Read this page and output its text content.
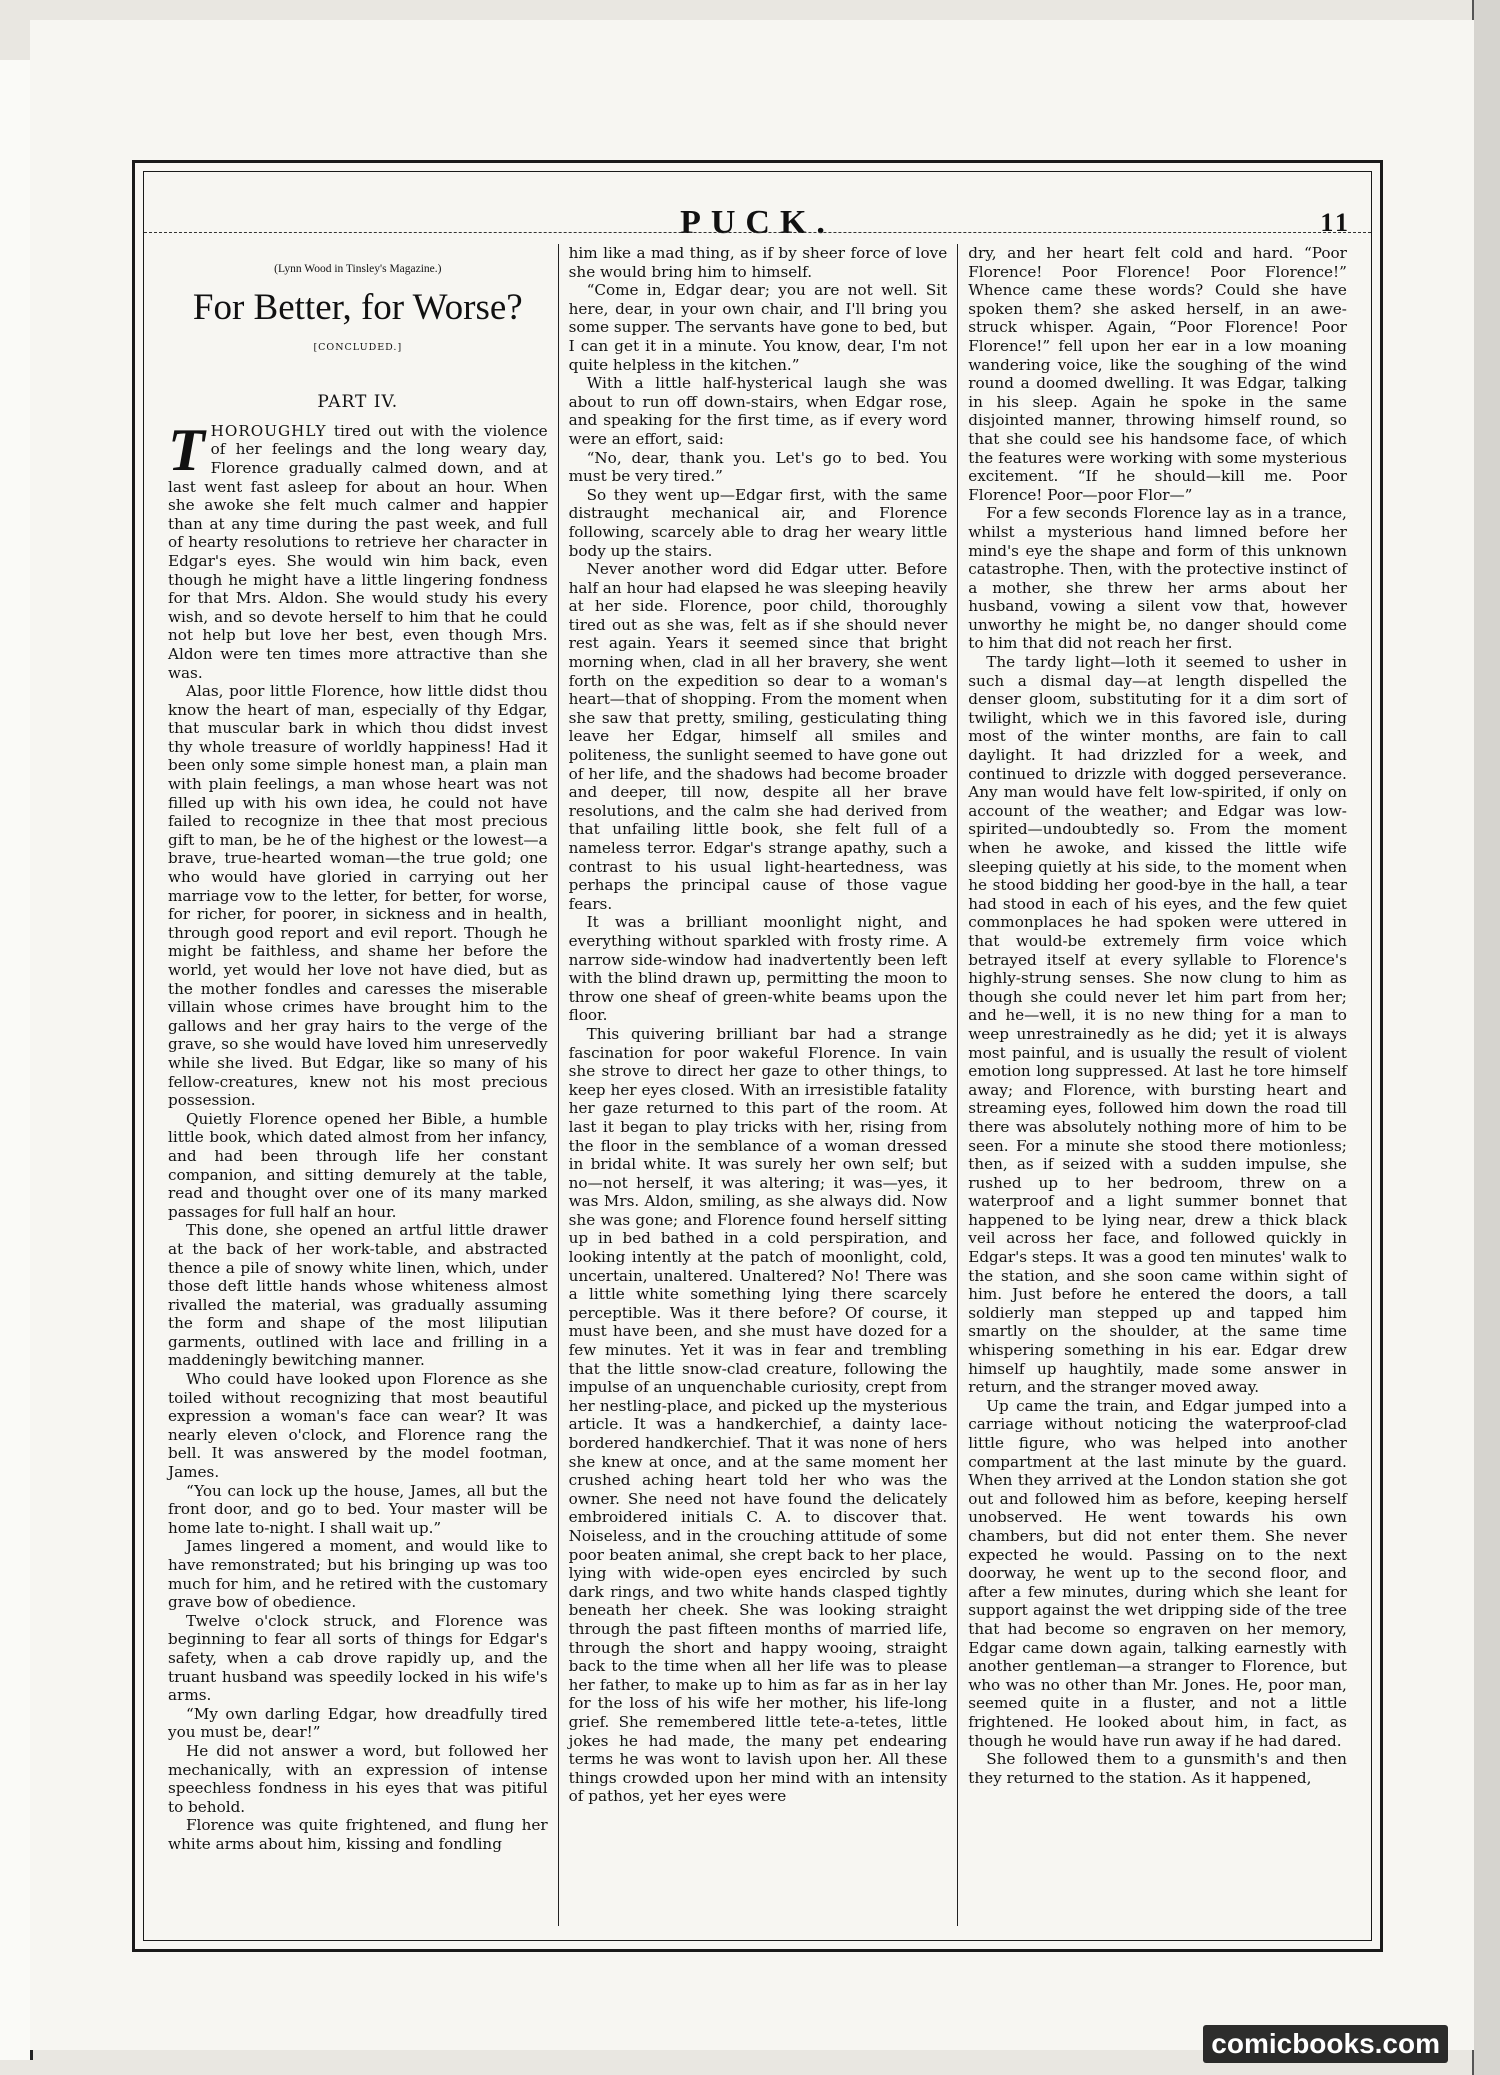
PUCK.	11
(Lynn Wood in Tinsley's Magazine.)
For Better, for Worse?
[CONCLUDED.]
PART IV.

THOROUGHLY tired out with the violence of her feelings and the long weary day, Florence gradually calmed down, and at last went fast asleep for about an hour. When she awoke she felt much calmer and happier than at any time during the past week, and full of hearty resolutions to retrieve her character in Edgar's eyes. She would win him back, even though he might have a little lingering fondness for that Mrs. Aldon. She would study his every wish, and so devote herself to him that he could not help but love her best, even though Mrs. Aldon were ten times more attractive than she was.

Alas, poor little Florence, how little didst thou know the heart of man, especially of thy Edgar, that muscular bark in which thou didst invest thy whole treasure of worldly happiness! Had it been only some simple honest man, a plain man with plain feelings, a man whose heart was not filled up with his own idea, he could not have failed to recognize in thee that most precious gift to man, be he of the highest or the lowest—a brave, true-hearted woman—the true gold; one who would have gloried in carrying out her marriage vow to the letter, for better, for worse, for richer, for poorer, in sickness and in health, through good report and evil report. Though he might be faithless, and shame her before the world, yet would her love not have died, but as the mother fondles and caresses the miserable villain whose crimes have brought him to the gallows and her gray hairs to the verge of the grave, so she would have loved him unreservedly while she lived. But Edgar, like so many of his fellow-creatures, knew not his most precious possession.

Quietly Florence opened her Bible, a humble little book, which dated almost from her infancy, and had been through life her constant companion, and sitting demurely at the table, read and thought over one of its many marked passages for full half an hour.

This done, she opened an artful little drawer at the back of her work-table, and abstracted thence a pile of snowy white linen, which, under those deft little hands whose whiteness almost rivalled the material, was gradually assuming the form and shape of the most liliputian garments, outlined with lace and frilling in a maddeningly bewitching manner.

Who could have looked upon Florence as she toiled without recognizing that most beautiful expression a woman's face can wear? It was nearly eleven o'clock, and Florence rang the bell. It was answered by the model footman, James.

“You can lock up the house, James, all but the front door, and go to bed. Your master will be home late to-night. I shall wait up.”

James lingered a moment, and would like to have remonstrated; but his bringing up was too much for him, and he retired with the customary grave bow of obedience.

Twelve o'clock struck, and Florence was beginning to fear all sorts of things for Edgar's safety, when a cab drove rapidly up, and the truant husband was speedily locked in his wife's arms.

“My own darling Edgar, how dreadfully tired you must be, dear!”

He did not answer a word, but followed her mechanically, with an expression of intense speechless fondness in his eyes that was pitiful to behold.

Florence was quite frightened, and flung her white arms about him, kissing and fondling

him like a mad thing, as if by sheer force of love she would bring him to himself.

“Come in, Edgar dear; you are not well. Sit here, dear, in your own chair, and I'll bring you some supper. The servants have gone to bed, but I can get it in a minute. You know, dear, I'm not quite helpless in the kitchen.”

With a little half-hysterical laugh she was about to run off down-stairs, when Edgar rose, and speaking for the first time, as if every word were an effort, said:

“No, dear, thank you. Let's go to bed. You must be very tired.”

So they went up—Edgar first, with the same distraught mechanical air, and Florence following, scarcely able to drag her weary little body up the stairs.

Never another word did Edgar utter. Before half an hour had elapsed he was sleeping heavily at her side. Florence, poor child, thoroughly tired out as she was, felt as if she should never rest again. Years it seemed since that bright morning when, clad in all her bravery, she went forth on the expedition so dear to a woman's heart—that of shopping. From the moment when she saw that pretty, smiling, gesticulating thing leave her Edgar, himself all smiles and politeness, the sunlight seemed to have gone out of her life, and the shadows had become broader and deeper, till now, despite all her brave resolutions, and the calm she had derived from that unfailing little book, she felt full of a nameless terror. Edgar's strange apathy, such a contrast to his usual light-heartedness, was perhaps the principal cause of those vague fears.

It was a brilliant moonlight night, and everything without sparkled with frosty rime. A narrow side-window had inadvertently been left with the blind drawn up, permitting the moon to throw one sheaf of green-white beams upon the floor.

This quivering brilliant bar had a strange fascination for poor wakeful Florence. In vain she strove to direct her gaze to other things, to keep her eyes closed. With an irresistible fatality her gaze returned to this part of the room. At last it began to play tricks with her, rising from the floor in the semblance of a woman dressed in bridal white. It was surely her own self; but no—not herself, it was altering; it was—yes, it was Mrs. Aldon, smiling, as she always did. Now she was gone; and Florence found herself sitting up in bed bathed in a cold perspiration, and looking intently at the patch of moonlight, cold, uncertain, unaltered. Unaltered? No! There was a little white something lying there scarcely perceptible. Was it there before? Of course, it must have been, and she must have dozed for a few minutes. Yet it was in fear and trembling that the little snow-clad creature, following the impulse of an unquenchable curiosity, crept from her nestling-place, and picked up the mysterious article. It was a handkerchief, a dainty lace-bordered handkerchief. That it was none of hers she knew at once, and at the same moment her crushed aching heart told her who was the owner. She need not have found the delicately embroidered initials C. A. to discover that. Noiseless, and in the crouching attitude of some poor beaten animal, she crept back to her place, lying with wide-open eyes encircled by such dark rings, and two white hands clasped tightly beneath her cheek. She was looking straight through the past fifteen months of married life, through the short and happy wooing, straight back to the time when all her life was to please her father, to make up to him as far as in her lay for the loss of his wife her mother, his life-long grief. She remembered little tete-a-tetes, little jokes he had made, the many pet endearing terms he was wont to lavish upon her. All these things crowded upon her mind with an intensity of pathos, yet her eyes were

dry, and her heart felt cold and hard. “Poor Florence! Poor Florence! Poor Florence!” Whence came these words? Could she have spoken them? she asked herself, in an awe-struck whisper. Again, “Poor Florence! Poor Florence!” fell upon her ear in a low moaning wandering voice, like the soughing of the wind round a doomed dwelling. It was Edgar, talking in his sleep. Again he spoke in the same disjointed manner, throwing himself round, so that she could see his handsome face, of which the features were working with some mysterious excitement. “If he should—kill me. Poor Florence! Poor—poor Flor—”

For a few seconds Florence lay as in a trance, whilst a mysterious hand limned before her mind's eye the shape and form of this unknown catastrophe. Then, with the protective instinct of a mother, she threw her arms about her husband, vowing a silent vow that, however unworthy he might be, no danger should come to him that did not reach her first.

The tardy light—loth it seemed to usher in such a dismal day—at length dispelled the denser gloom, substituting for it a dim sort of twilight, which we in this favored isle, during most of the winter months, are fain to call daylight. It had drizzled for a week, and continued to drizzle with dogged perseverance. Any man would have felt low-spirited, if only on account of the weather; and Edgar was low-spirited—undoubtedly so. From the moment when he awoke, and kissed the little wife sleeping quietly at his side, to the moment when he stood bidding her good-bye in the hall, a tear had stood in each of his eyes, and the few quiet commonplaces he had spoken were uttered in that would-be extremely firm voice which betrayed itself at every syllable to Florence's highly-strung senses. She now clung to him as though she could never let him part from her; and he—well, it is no new thing for a man to weep unrestrainedly as he did; yet it is always most painful, and is usually the result of violent emotion long suppressed. At last he tore himself away; and Florence, with bursting heart and streaming eyes, followed him down the road till there was absolutely nothing more of him to be seen. For a minute she stood there motionless; then, as if seized with a sudden impulse, she rushed up to her bedroom, threw on a waterproof and a light summer bonnet that happened to be lying near, drew a thick black veil across her face, and followed quickly in Edgar's steps. It was a good ten minutes' walk to the station, and she soon came within sight of him. Just before he entered the doors, a tall soldierly man stepped up and tapped him smartly on the shoulder, at the same time whispering something in his ear. Edgar drew himself up haughtily, made some answer in return, and the stranger moved away.

Up came the train, and Edgar jumped into a carriage without noticing the waterproof-clad little figure, who was helped into another compartment at the last minute by the guard. When they arrived at the London station she got out and followed him as before, keeping herself unobserved. He went towards his own chambers, but did not enter them. She never expected he would. Passing on to the next doorway, he went up to the second floor, and after a few minutes, during which she leant for support against the wet dripping side of the tree that had become so engraven on her memory, Edgar came down again, talking earnestly with another gentleman—a stranger to Florence, but who was no other than Mr. Jones. He, poor man, seemed quite in a fluster, and not a little frightened. He looked about him, in fact, as though he would have run away if he had dared.

She followed them to a gunsmith's and then they returned to the station. As it happened,

comicbooks.com
